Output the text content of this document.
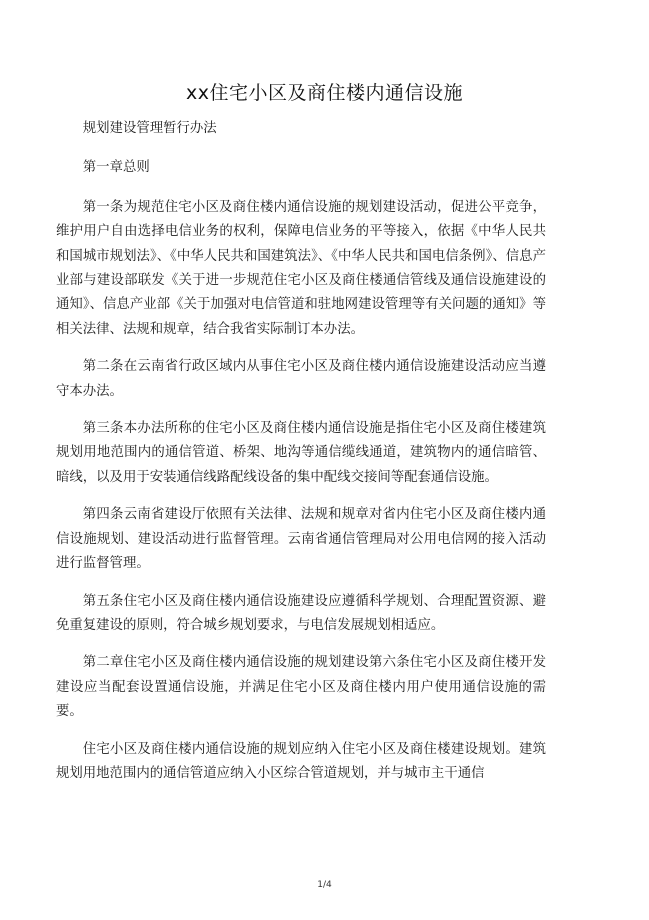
xx住宅小区及商住楼内通信设施

规划建设管理暂行办法

第一章总则

第一条为规范住宅小区及商住楼内通信设施的规划建设活动，促进公平竞争，维护用户自由选择电信业务的权利，保障电信业务的平等接入，依据《中华人民共和国城市规划法》、《中华人民共和国建筑法》、《中华人民共和国电信条例》、信息产业部与建设部联发《关于进一步规范住宅小区及商住楼通信管线及通信设施建设的通知》、信息产业部《关于加强对电信管道和驻地网建设管理等有关问题的通知》等相关法律、法规和规章，结合我省实际制订本办法。

第二条在云南省行政区域内从事住宅小区及商住楼内通信设施建设活动应当遵守本办法。

第三条本办法所称的住宅小区及商住楼内通信设施是指住宅小区及商住楼建筑规划用地范围内的通信管道、桥架、地沟等通信缆线通道，建筑物内的通信暗管、暗线，以及用于安装通信线路配线设备的集中配线交接间等配套通信设施。

第四条云南省建设厅依照有关法律、法规和规章对省内住宅小区及商住楼内通信设施规划、建设活动进行监督管理。云南省通信管理局对公用电信网的接入活动进行监督管理。

第五条住宅小区及商住楼内通信设施建设应遵循科学规划、合理配置资源、避免重复建设的原则，符合城乡规划要求，与电信发展规划相适应。

第二章住宅小区及商住楼内通信设施的规划建设第六条住宅小区及商住楼开发建设应当配套设置通信设施，并满足住宅小区及商住楼内用户使用通信设施的需要。

住宅小区及商住楼内通信设施的规划应纳入住宅小区及商住楼建设规划。建筑规划用地范围内的通信管道应纳入小区综合管道规划，并与城市主干通信

1/4
